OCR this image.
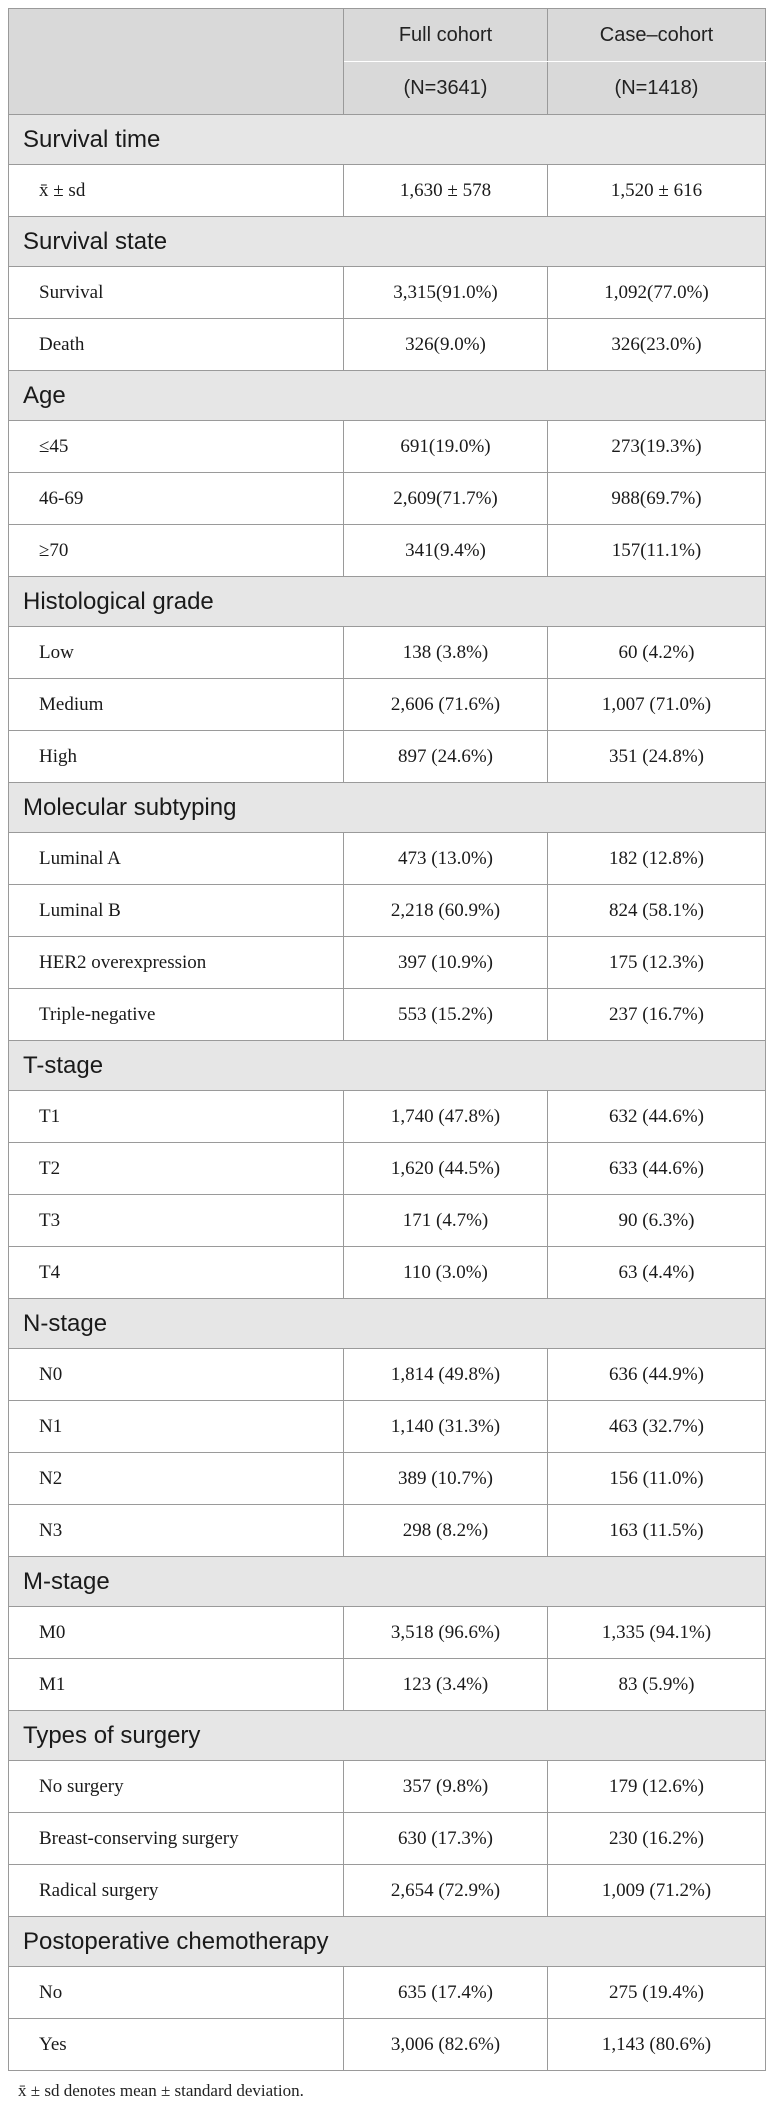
	Full cohort	Case–cohort
	(N=3641)	(N=1418)
Survival time		
x̄ ± sd	1,630 ± 578	1,520 ± 616
Survival state		
Survival	3,315(91.0%)	1,092(77.0%)
Death	326(9.0%)	326(23.0%)
Age		
≤45	691(19.0%)	273(19.3%)
46-69	2,609(71.7%)	988(69.7%)
≥70	341(9.4%)	157(11.1%)
Histological grade		
Low	138 (3.8%)	60 (4.2%)
Medium	2,606 (71.6%)	1,007 (71.0%)
High	897 (24.6%)	351 (24.8%)
Molecular subtyping		
Luminal A	473 (13.0%)	182 (12.8%)
Luminal B	2,218 (60.9%)	824 (58.1%)
HER2 overexpression	397 (10.9%)	175 (12.3%)
Triple-negative	553 (15.2%)	237 (16.7%)
T-stage		
T1	1,740 (47.8%)	632 (44.6%)
T2	1,620 (44.5%)	633 (44.6%)
T3	171 (4.7%)	90 (6.3%)
T4	110 (3.0%)	63 (4.4%)
N-stage		
N0	1,814 (49.8%)	636 (44.9%)
N1	1,140 (31.3%)	463 (32.7%)
N2	389 (10.7%)	156 (11.0%)
N3	298 (8.2%)	163 (11.5%)
M-stage		
M0	3,518 (96.6%)	1,335 (94.1%)
M1	123 (3.4%)	83 (5.9%)
Types of surgery		
No surgery	357 (9.8%)	179 (12.6%)
Breast-conserving surgery	630 (17.3%)	230 (16.2%)
Radical surgery	2,654 (72.9%)	1,009 (71.2%)
Postoperative chemotherapy		
No	635 (17.4%)	275 (19.4%)
Yes	3,006 (82.6%)	1,143 (80.6%)
x̄ ± sd denotes mean ± standard deviation.
